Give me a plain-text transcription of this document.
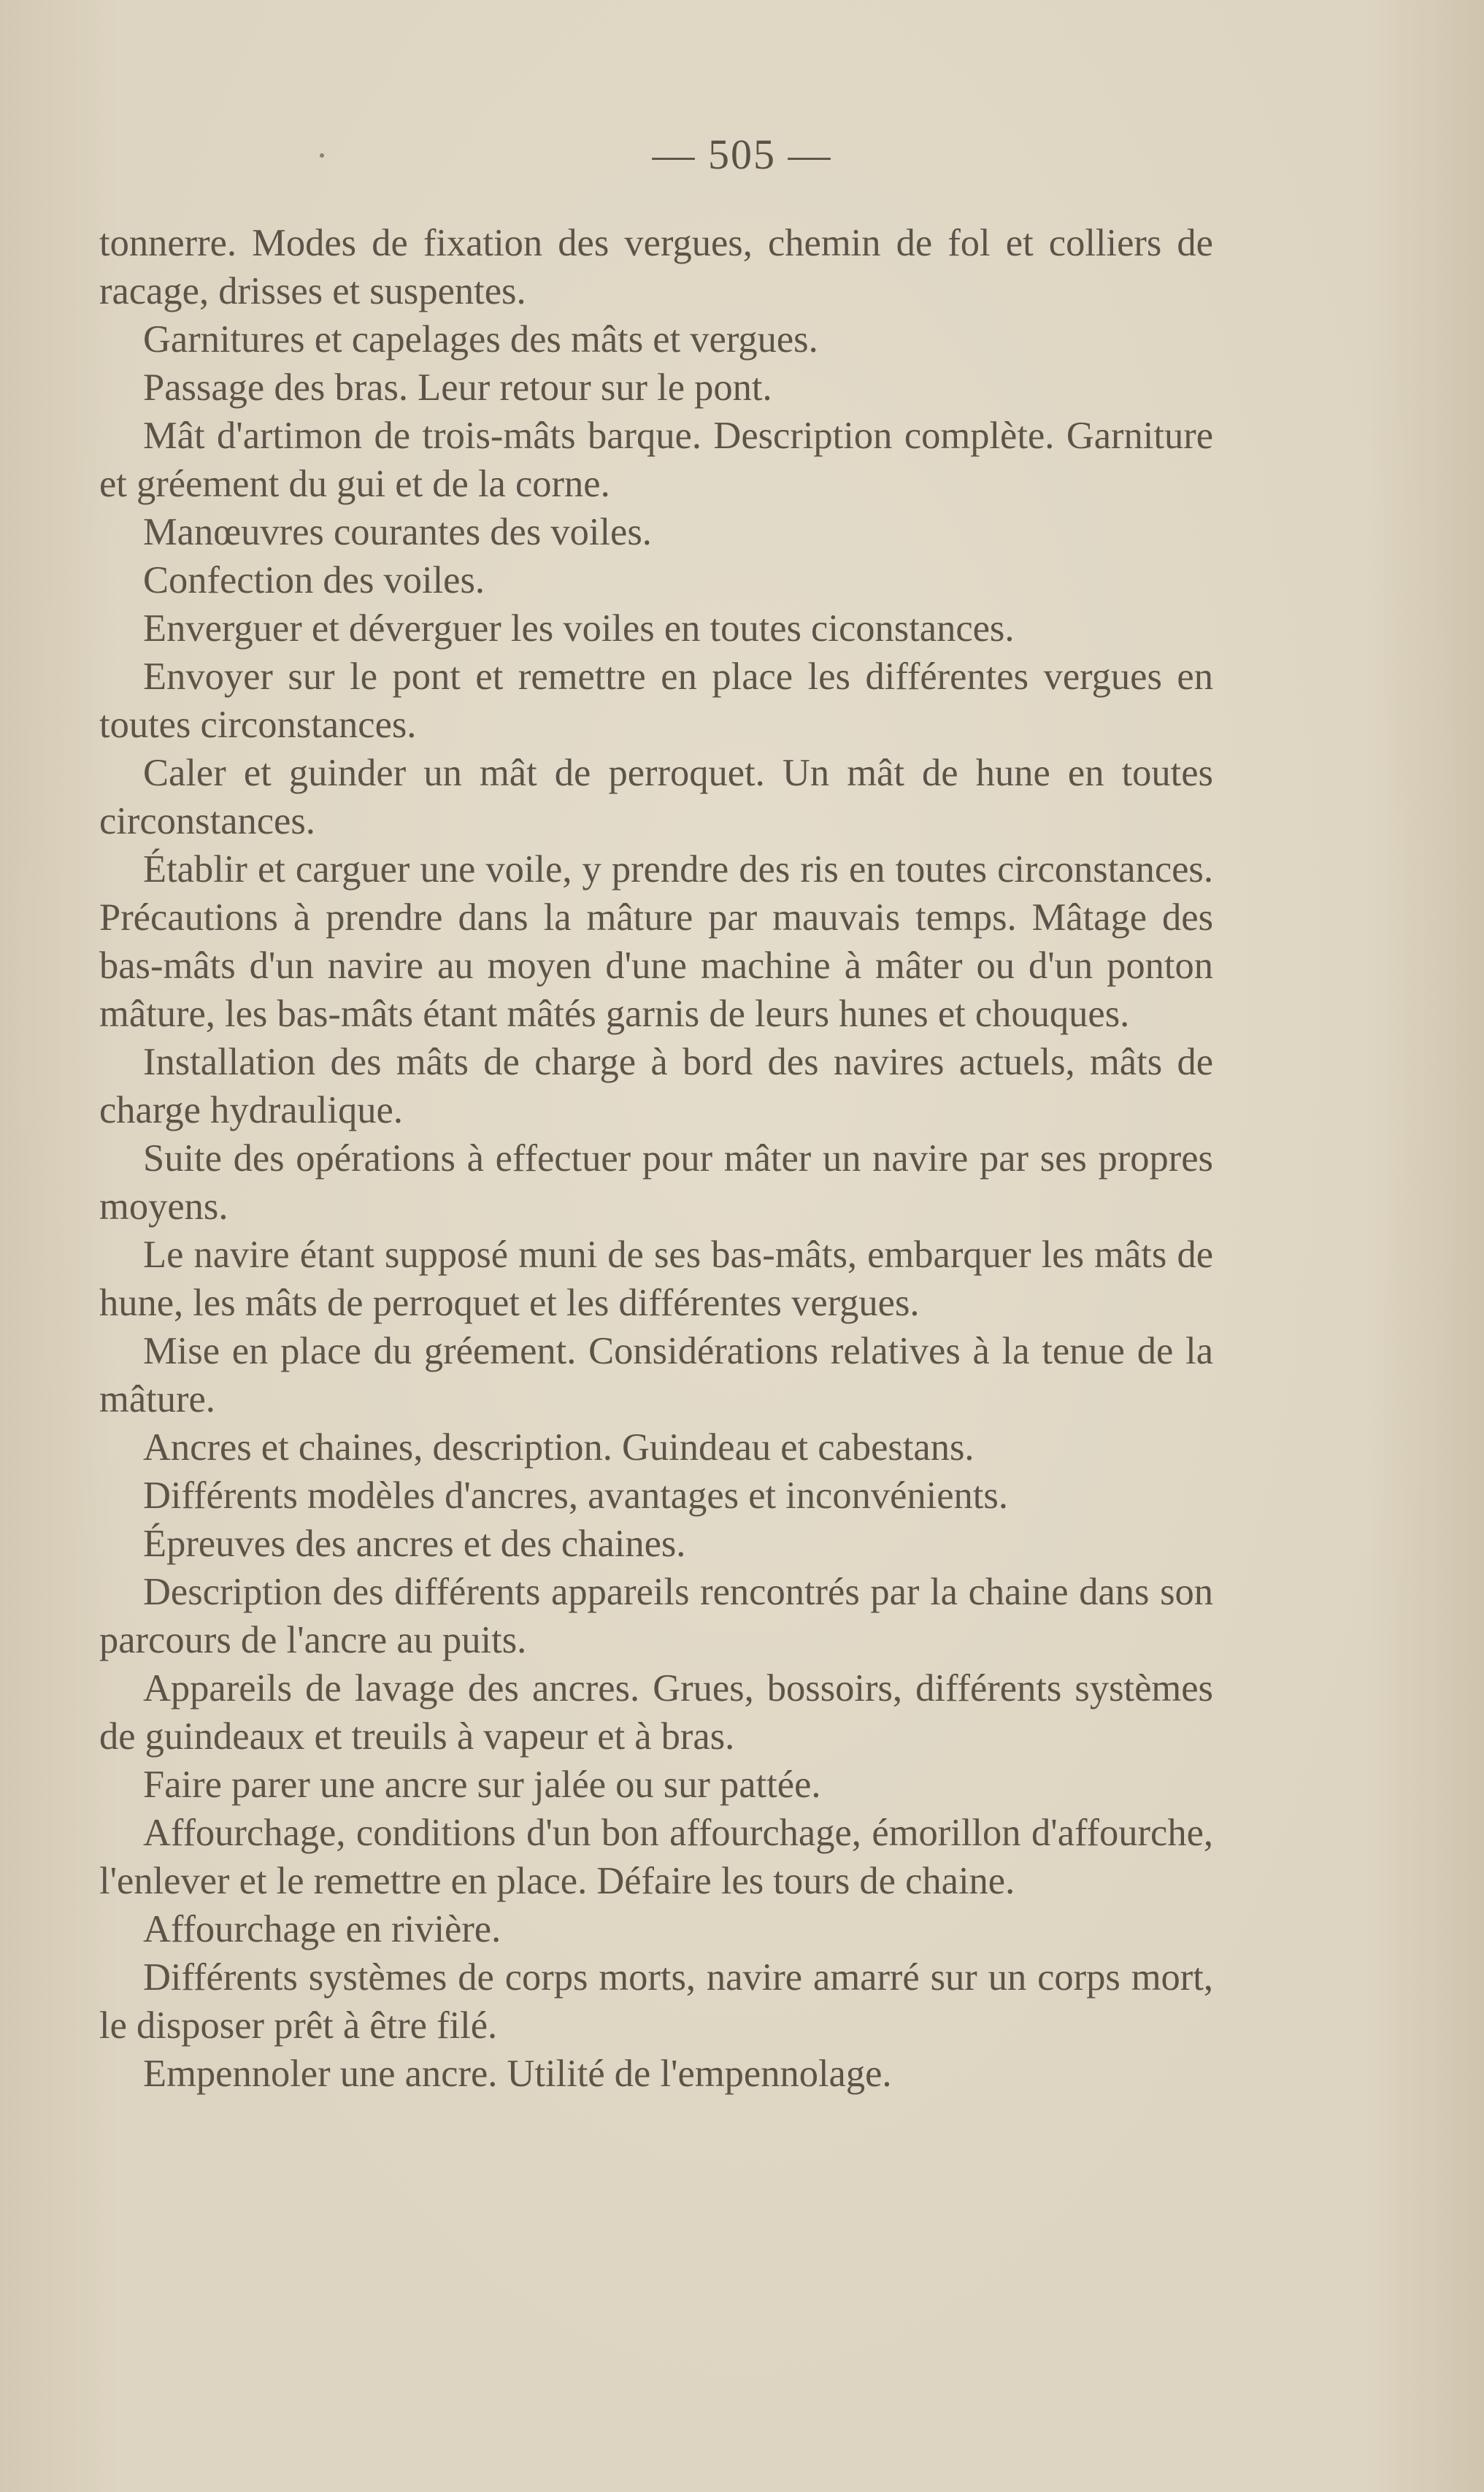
— 505 —

tonnerre. Modes de fixation des vergues, chemin de fol et colliers de racage, drisses et suspentes.

Garnitures et capelages des mâts et vergues.

Passage des bras. Leur retour sur le pont.

Mât d'artimon de trois-mâts barque. Description complète. Garniture et gréement du gui et de la corne.

Manœuvres courantes des voiles.

Confection des voiles.

Enverguer et déverguer les voiles en toutes ciconstances.

Envoyer sur le pont et remettre en place les différentes vergues en toutes circonstances.

Caler et guinder un mât de perroquet. Un mât de hune en toutes circonstances.

Établir et carguer une voile, y prendre des ris en toutes circonstances. Précautions à prendre dans la mâture par mauvais temps. Mâtage des bas-mâts d'un navire au moyen d'une machine à mâter ou d'un ponton mâture, les bas-mâts étant mâtés garnis de leurs hunes et chouques.

Installation des mâts de charge à bord des navires actuels, mâts de charge hydraulique.

Suite des opérations à effectuer pour mâter un navire par ses propres moyens.

Le navire étant supposé muni de ses bas-mâts, embarquer les mâts de hune, les mâts de perroquet et les différentes vergues.

Mise en place du gréement. Considérations relatives à la tenue de la mâture.

Ancres et chaines, description. Guindeau et cabestans.

Différents modèles d'ancres, avantages et inconvénients.

Épreuves des ancres et des chaines.

Description des différents appareils rencontrés par la chaine dans son parcours de l'ancre au puits.

Appareils de lavage des ancres. Grues, bossoirs, différents systèmes de guindeaux et treuils à vapeur et à bras.

Faire parer une ancre sur jalée ou sur pattée.

Affourchage, conditions d'un bon affourchage, émorillon d'affourche, l'enlever et le remettre en place. Défaire les tours de chaine.

Affourchage en rivière.

Différents systèmes de corps morts, navire amarré sur un corps mort, le disposer prêt à être filé.

Empennoler une ancre. Utilité de l'empennolage.
